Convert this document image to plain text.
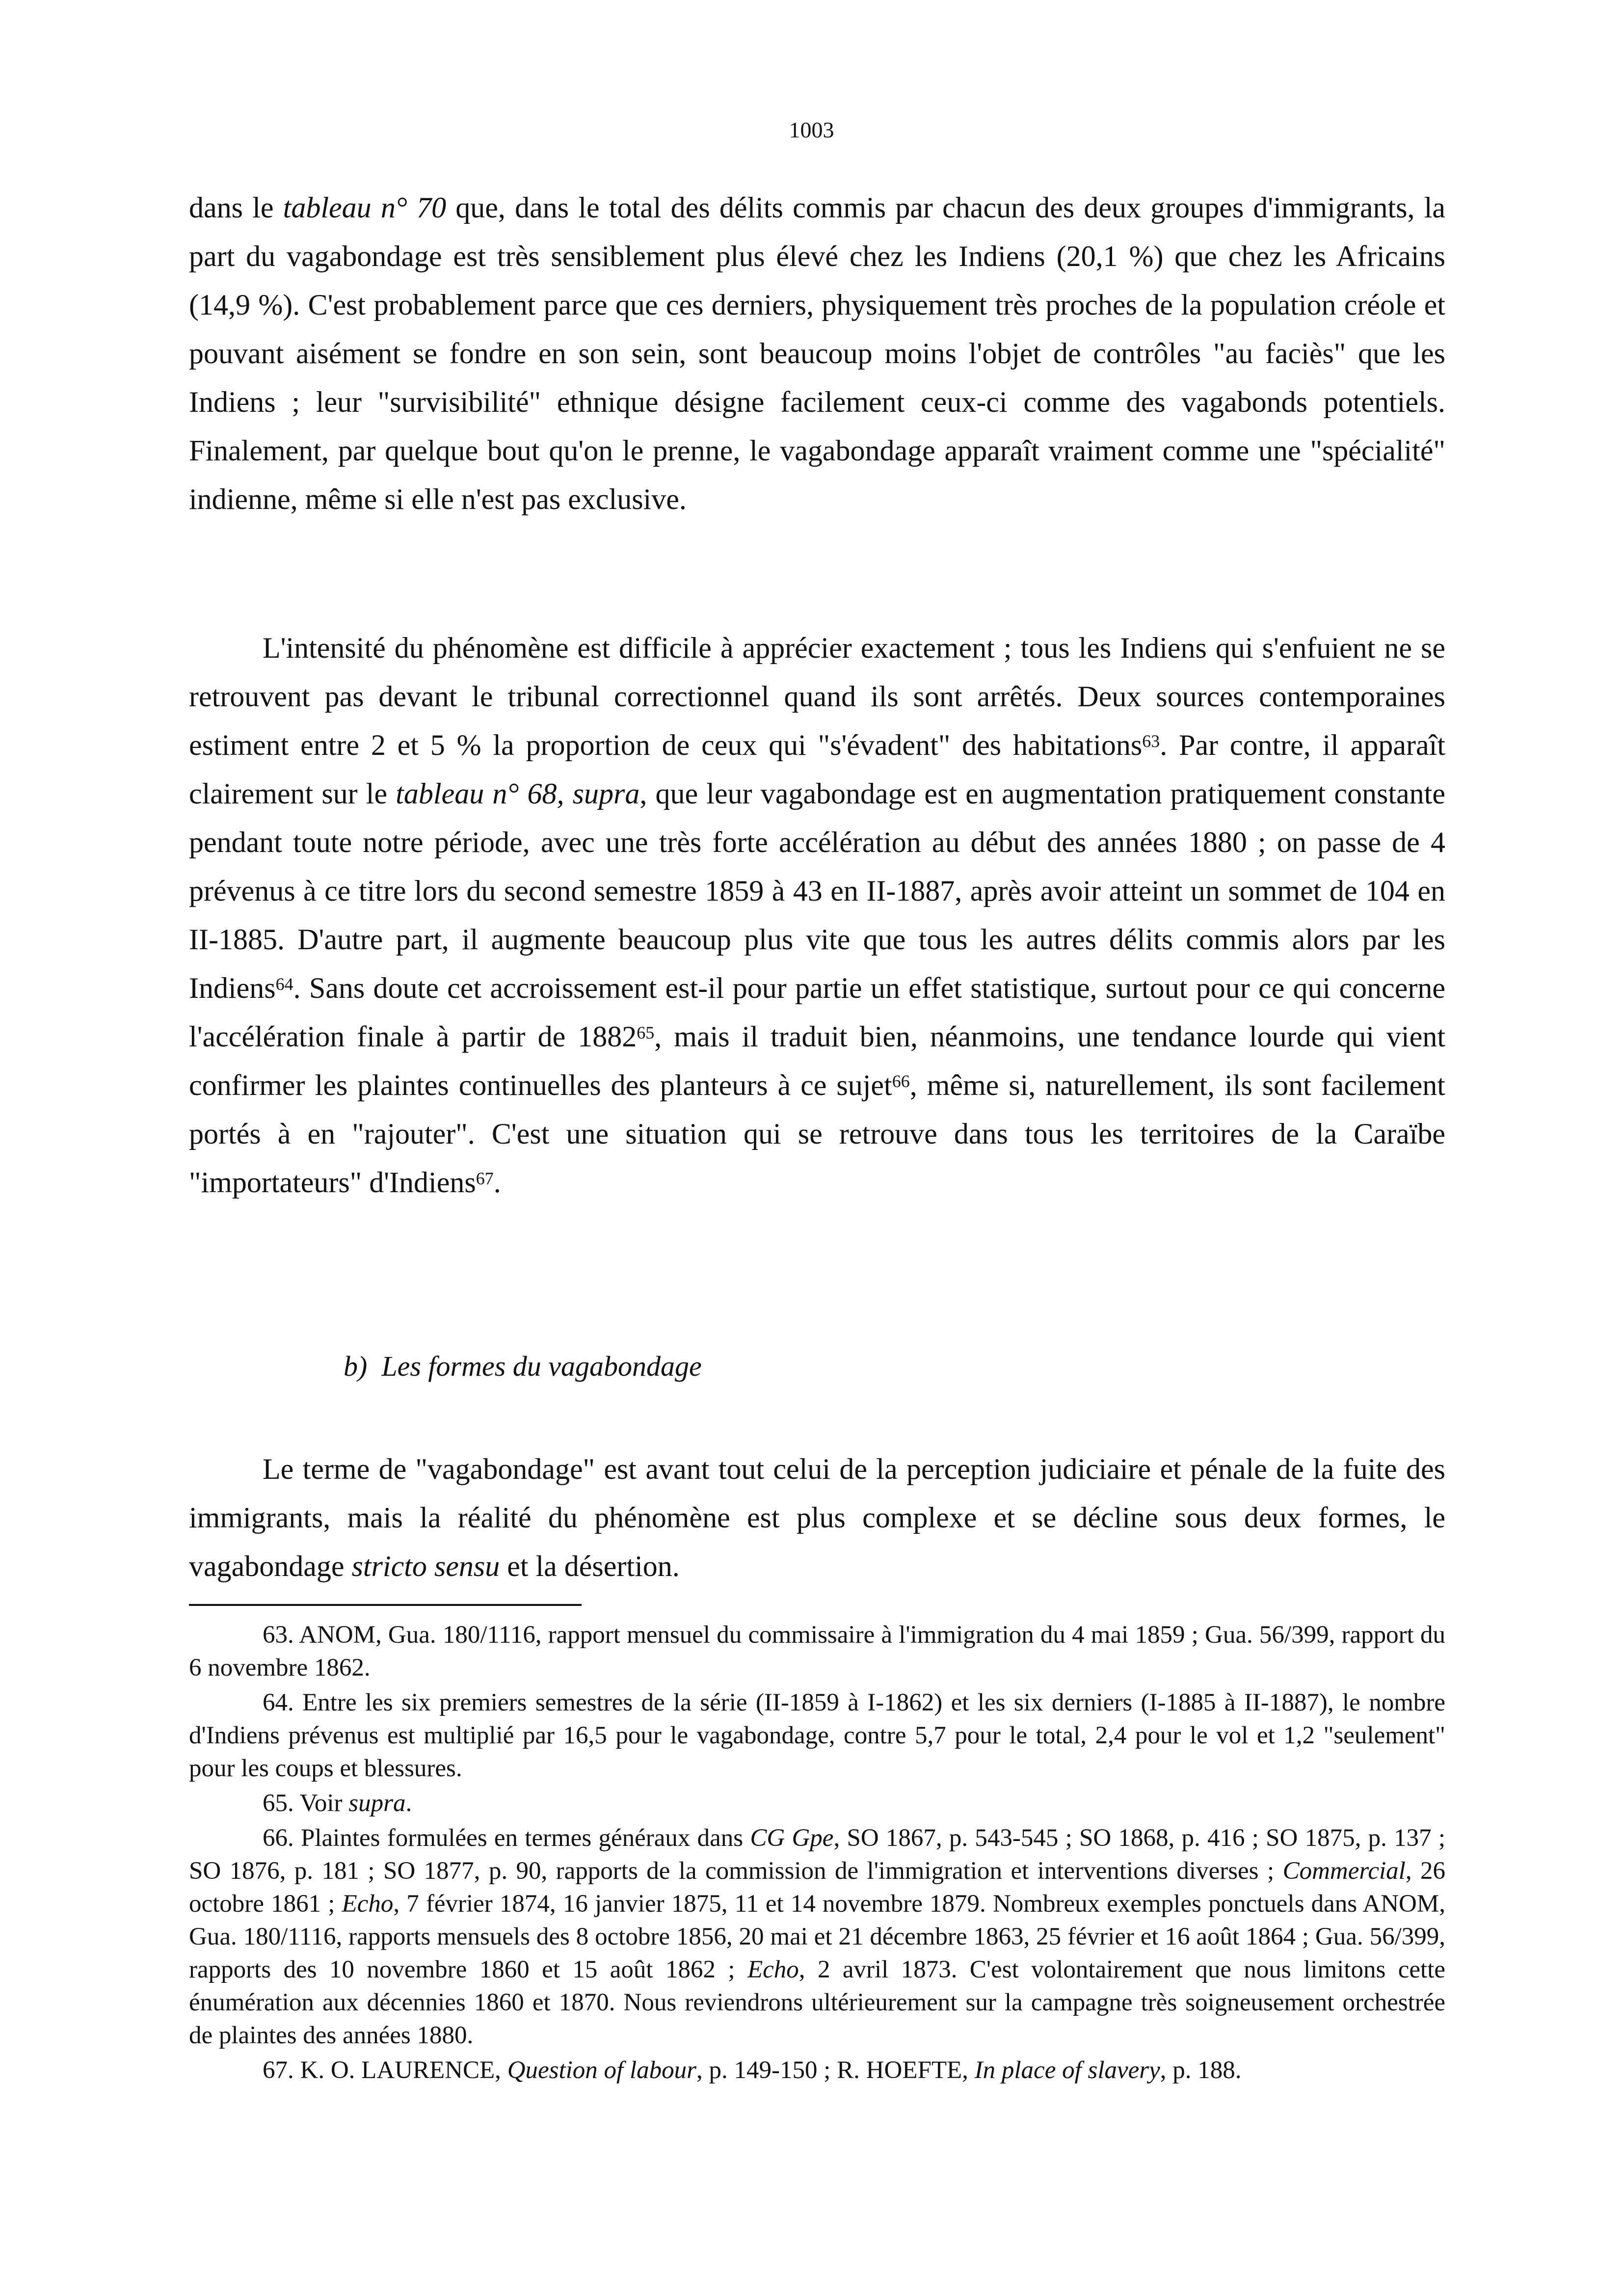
1003

dans le tableau n° 70 que, dans le total des délits commis par chacun des deux groupes d'immigrants, la part du vagabondage est très sensiblement plus élevé chez les Indiens (20,1 %) que chez les Africains (14,9 %). C'est probablement parce que ces derniers, physiquement très proches de la population créole et pouvant aisément se fondre en son sein, sont beaucoup moins l'objet de contrôles "au faciès" que les Indiens ; leur "survisibilité" ethnique désigne facilement ceux-ci comme des vagabonds potentiels. Finalement, par quelque bout qu'on le prenne, le vagabondage apparaît vraiment comme une "spécialité" indienne, même si elle n'est pas exclusive.

L'intensité du phénomène est difficile à apprécier exactement ; tous les Indiens qui s'enfuient ne se retrouvent pas devant le tribunal correctionnel quand ils sont arrêtés. Deux sources contemporaines estiment entre 2 et 5 % la proportion de ceux qui "s'évadent" des habitations$^{63}$. Par contre, il apparaît clairement sur le tableau n° 68, supra, que leur vagabondage est en augmentation pratiquement constante pendant toute notre période, avec une très forte accélération au début des années 1880 ; on passe de 4 prévenus à ce titre lors du second semestre 1859 à 43 en II-1887, après avoir atteint un sommet de 104 en II-1885. D'autre part, il augmente beaucoup plus vite que tous les autres délits commis alors par les Indiens$^{64}$. Sans doute cet accroissement est-il pour partie un effet statistique, surtout pour ce qui concerne l'accélération finale à partir de 1882$^{65}$, mais il traduit bien, néanmoins, une tendance lourde qui vient confirmer les plaintes continuelles des planteurs à ce sujet$^{66}$, même si, naturellement, ils sont facilement portés à en "rajouter". C'est une situation qui se retrouve dans tous les territoires de la Caraïbe "importateurs" d'Indiens$^{67}$.

b)  Les formes du vagabondage

Le terme de "vagabondage" est avant tout celui de la perception judiciaire et pénale de la fuite des immigrants, mais la réalité du phénomène est plus complexe et se décline sous deux formes, le vagabondage stricto sensu et la désertion.

63. ANOM, Gua. 180/1116, rapport mensuel du commissaire à l'immigration du 4 mai 1859 ; Gua. 56/399, rapport du 6 novembre 1862.

64. Entre les six premiers semestres de la série (II-1859 à I-1862) et les six derniers (I-1885 à II-1887), le nombre d'Indiens prévenus est multiplié par 16,5 pour le vagabondage, contre 5,7 pour le total, 2,4 pour le vol et 1,2 "seulement" pour les coups et blessures.

65. Voir supra.

66. Plaintes formulées en termes généraux dans CG Gpe, SO 1867, p. 543-545 ; SO 1868, p. 416 ; SO 1875, p. 137 ; SO 1876, p. 181 ; SO 1877, p. 90, rapports de la commission de l'immigration et interventions diverses ; Commercial, 26 octobre 1861 ; Echo, 7 février 1874, 16 janvier 1875, 11 et 14 novembre 1879. Nombreux exemples ponctuels dans ANOM, Gua. 180/1116, rapports mensuels des 8 octobre 1856, 20 mai et 21 décembre 1863, 25 février et 16 août 1864 ; Gua. 56/399, rapports des 10 novembre 1860 et 15 août 1862 ; Echo, 2 avril 1873. C'est volontairement que nous limitons cette énumération aux décennies 1860 et 1870. Nous reviendrons ultérieurement sur la campagne très soigneusement orchestrée de plaintes des années 1880.

67. K. O. LAURENCE, Question of labour, p. 149-150 ; R. HOEFTE, In place of slavery, p. 188.
